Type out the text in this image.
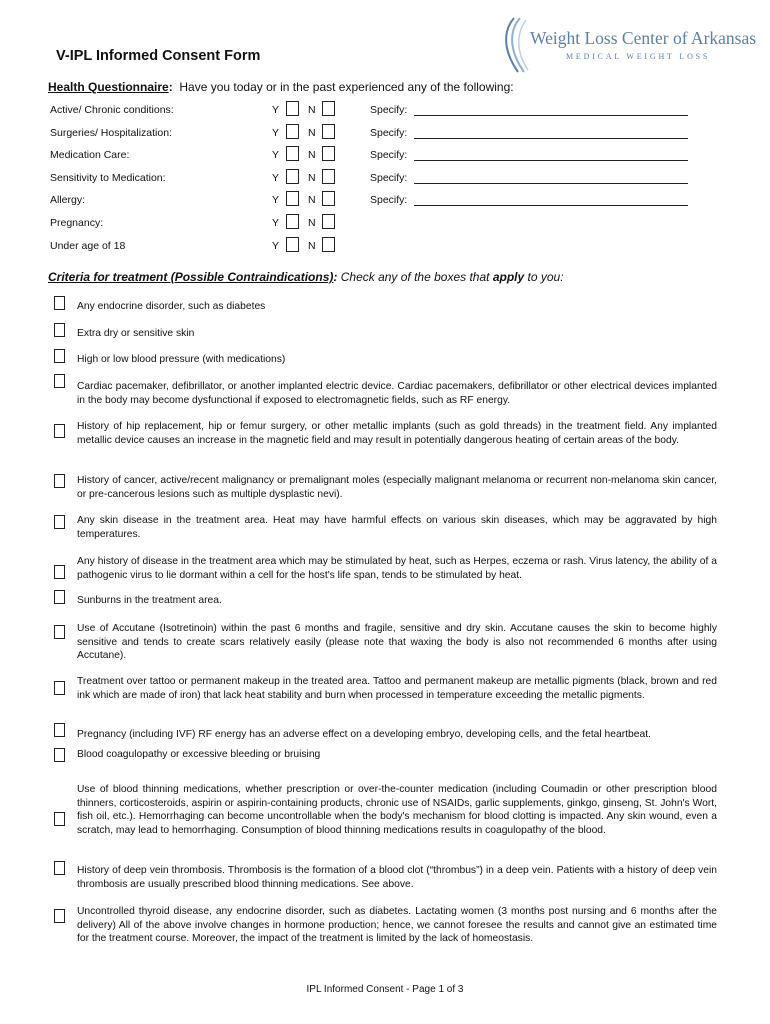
V-IPL Informed Consent Form
Weight Loss Center of Arkansas
MEDICAL WEIGHT LOSS
Health Questionnaire: Have you today or in the past experienced any of the following:
Active/ Chronic conditions:	Y	N	Specify:
Surgeries/ Hospitalization:	Y	N	Specify:
Medication Care:	Y	N	Specify:
Sensitivity to Medication:	Y	N	Specify:
Allergy:	Y	N	Specify:
Pregnancy:	Y	N
Under age of 18	Y	N
Criteria for treatment (Possible Contraindications): Check any of the boxes that apply to you:

Any endocrine disorder, such as diabetes

Extra dry or sensitive skin

High or low blood pressure (with medications)

Cardiac pacemaker, defibrillator, or another implanted electric device. Cardiac pacemakers, defibrillator or other electrical devices implanted in the body may become dysfunctional if exposed to electromagnetic fields, such as RF energy.

History of hip replacement, hip or femur surgery, or other metallic implants (such as gold threads) in the treatment field. Any implanted metallic device causes an increase in the magnetic field and may result in potentially dangerous heating of certain areas of the body.

History of cancer, active/recent malignancy or premalignant moles (especially malignant melanoma or recurrent non-melanoma skin cancer, or pre-cancerous lesions such as multiple dysplastic nevi).

Any skin disease in the treatment area. Heat may have harmful effects on various skin diseases, which may be aggravated by high temperatures.

Any history of disease in the treatment area which may be stimulated by heat, such as Herpes, eczema or rash. Virus latency, the ability of a pathogenic virus to lie dormant within a cell for the host's life span, tends to be stimulated by heat.

Sunburns in the treatment area.

Use of Accutane (Isotretinoin) within the past 6 months and fragile, sensitive and dry skin. Accutane causes the skin to become highly sensitive and tends to create scars relatively easily (please note that waxing the body is also not recommended 6 months after using Accutane).

Treatment over tattoo or permanent makeup in the treated area. Tattoo and permanent makeup are metallic pigments (black, brown and red ink which are made of iron) that lack heat stability and burn when processed in temperature exceeding the metallic pigments.

Pregnancy (including IVF) RF energy has an adverse effect on a developing embryo, developing cells, and the fetal heartbeat.

Blood coagulopathy or excessive bleeding or bruising

Use of blood thinning medications, whether prescription or over-the-counter medication (including Coumadin or other prescription blood thinners, corticosteroids, aspirin or aspirin-containing products, chronic use of NSAIDs, garlic supplements, ginkgo, ginseng, St. John's Wort, fish oil, etc.). Hemorrhaging can become uncontrollable when the body's mechanism for blood clotting is impacted. Any skin wound, even a scratch, may lead to hemorrhaging. Consumption of blood thinning medications results in coagulopathy of the blood.

History of deep vein thrombosis. Thrombosis is the formation of a blood clot (“thrombus”) in a deep vein. Patients with a history of deep vein thrombosis are usually prescribed blood thinning medications. See above.

Uncontrolled thyroid disease, any endocrine disorder, such as diabetes. Lactating women (3 months post nursing and 6 months after the delivery) All of the above involve changes in hormone production; hence, we cannot foresee the results and cannot give an estimated time for the treatment course. Moreover, the impact of the treatment is limited by the lack of homeostasis.

IPL Informed Consent - Page 1 of 3
